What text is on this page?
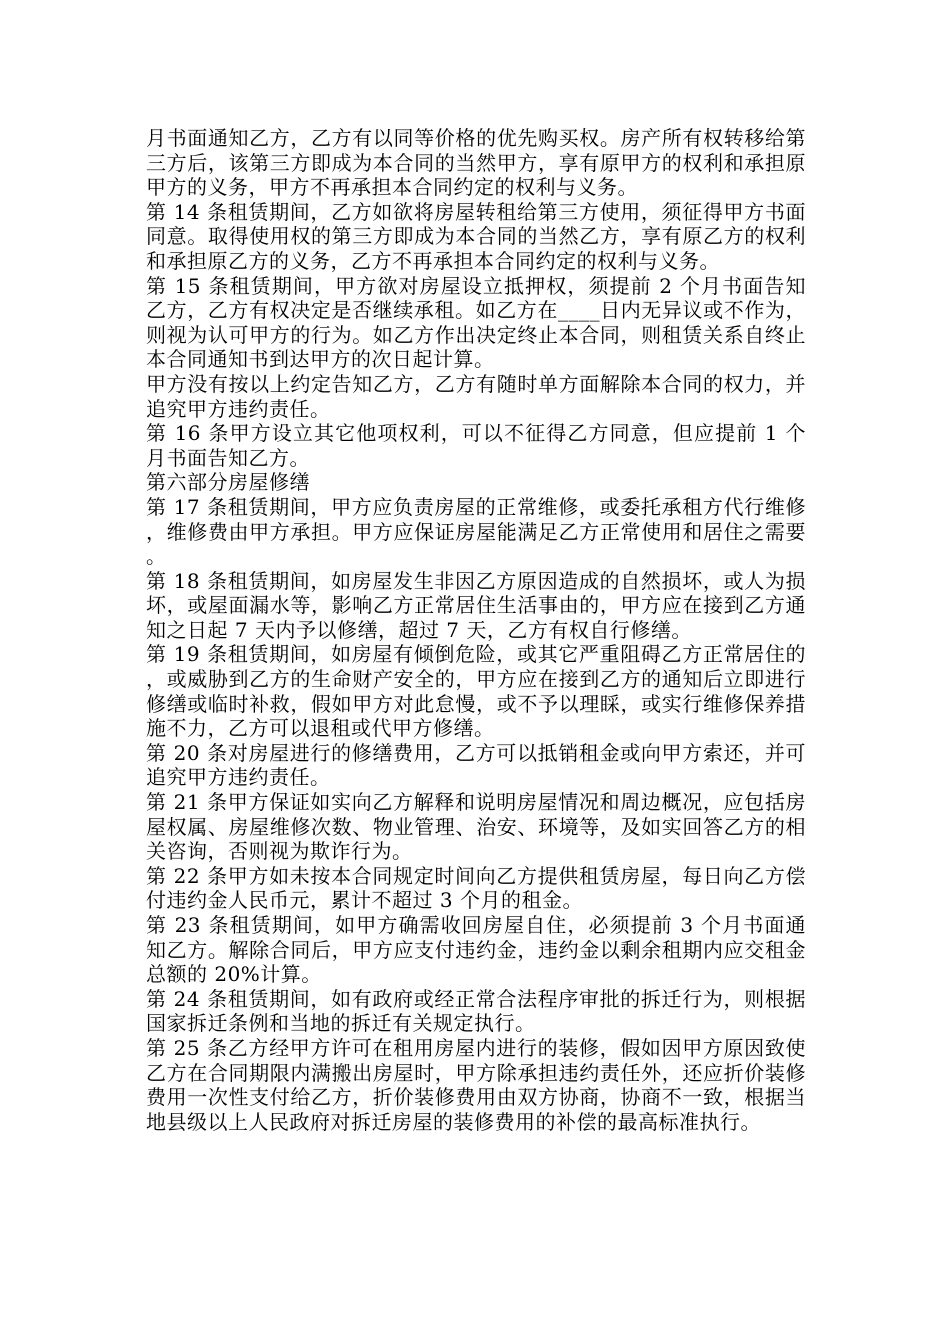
月书面通知乙方，乙方有以同等价格的优先购买权。房产所有权转移给第三方后，该第三方即成为本合同的当然甲方，享有原甲方的权利和承担原甲方的义务，甲方不再承担本合同约定的权利与义务。

第 14 条租赁期间，乙方如欲将房屋转租给第三方使用，须征得甲方书面同意。取得使用权的第三方即成为本合同的当然乙方，享有原乙方的权利和承担原乙方的义务，乙方不再承担本合同约定的权利与义务。

第 15 条租赁期间，甲方欲对房屋设立抵押权，须提前 2 个月书面告知乙方，乙方有权决定是否继续承租。如乙方在____日内无异议或不作为，则视为认可甲方的行为。如乙方作出决定终止本合同，则租赁关系自终止本合同通知书到达甲方的次日起计算。

甲方没有按以上约定告知乙方，乙方有随时单方面解除本合同的权力，并追究甲方违约责任。

第 16 条甲方设立其它他项权利，可以不征得乙方同意，但应提前 1 个月书面告知乙方。

第六部分房屋修缮

第 17 条租赁期间，甲方应负责房屋的正常维修，或委托承租方代行维修，维修费由甲方承担。甲方应保证房屋能满足乙方正常使用和居住之需要。

第 18 条租赁期间，如房屋发生非因乙方原因造成的自然损坏，或人为损坏，或屋面漏水等，影响乙方正常居住生活事由的，甲方应在接到乙方通知之日起 7 天内予以修缮，超过 7 天，乙方有权自行修缮。

第 19 条租赁期间，如房屋有倾倒危险，或其它严重阻碍乙方正常居住的，或威胁到乙方的生命财产安全的，甲方应在接到乙方的通知后立即进行修缮或临时补救，假如甲方对此怠慢，或不予以理睬，或实行维修保养措施不力，乙方可以退租或代甲方修缮。

第 20 条对房屋进行的修缮费用，乙方可以抵销租金或向甲方索还，并可追究甲方违约责任。

第 21 条甲方保证如实向乙方解释和说明房屋情况和周边概况，应包括房屋权属、房屋维修次数、物业管理、治安、环境等，及如实回答乙方的相关咨询，否则视为欺诈行为。

第 22 条甲方如未按本合同规定时间向乙方提供租赁房屋，每日向乙方偿付违约金人民币元，累计不超过 3 个月的租金。

第 23 条租赁期间，如甲方确需收回房屋自住，必须提前 3 个月书面通知乙方。解除合同后，甲方应支付违约金，违约金以剩余租期内应交租金总额的 20%计算。

第 24 条租赁期间，如有政府或经正常合法程序审批的拆迁行为，则根据国家拆迁条例和当地的拆迁有关规定执行。

第 25 条乙方经甲方许可在租用房屋内进行的装修，假如因甲方原因致使乙方在合同期限内满搬出房屋时，甲方除承担违约责任外，还应折价装修费用一次性支付给乙方，折价装修费用由双方协商，协商不一致，根据当地县级以上人民政府对拆迁房屋的装修费用的补偿的最高标准执行。
